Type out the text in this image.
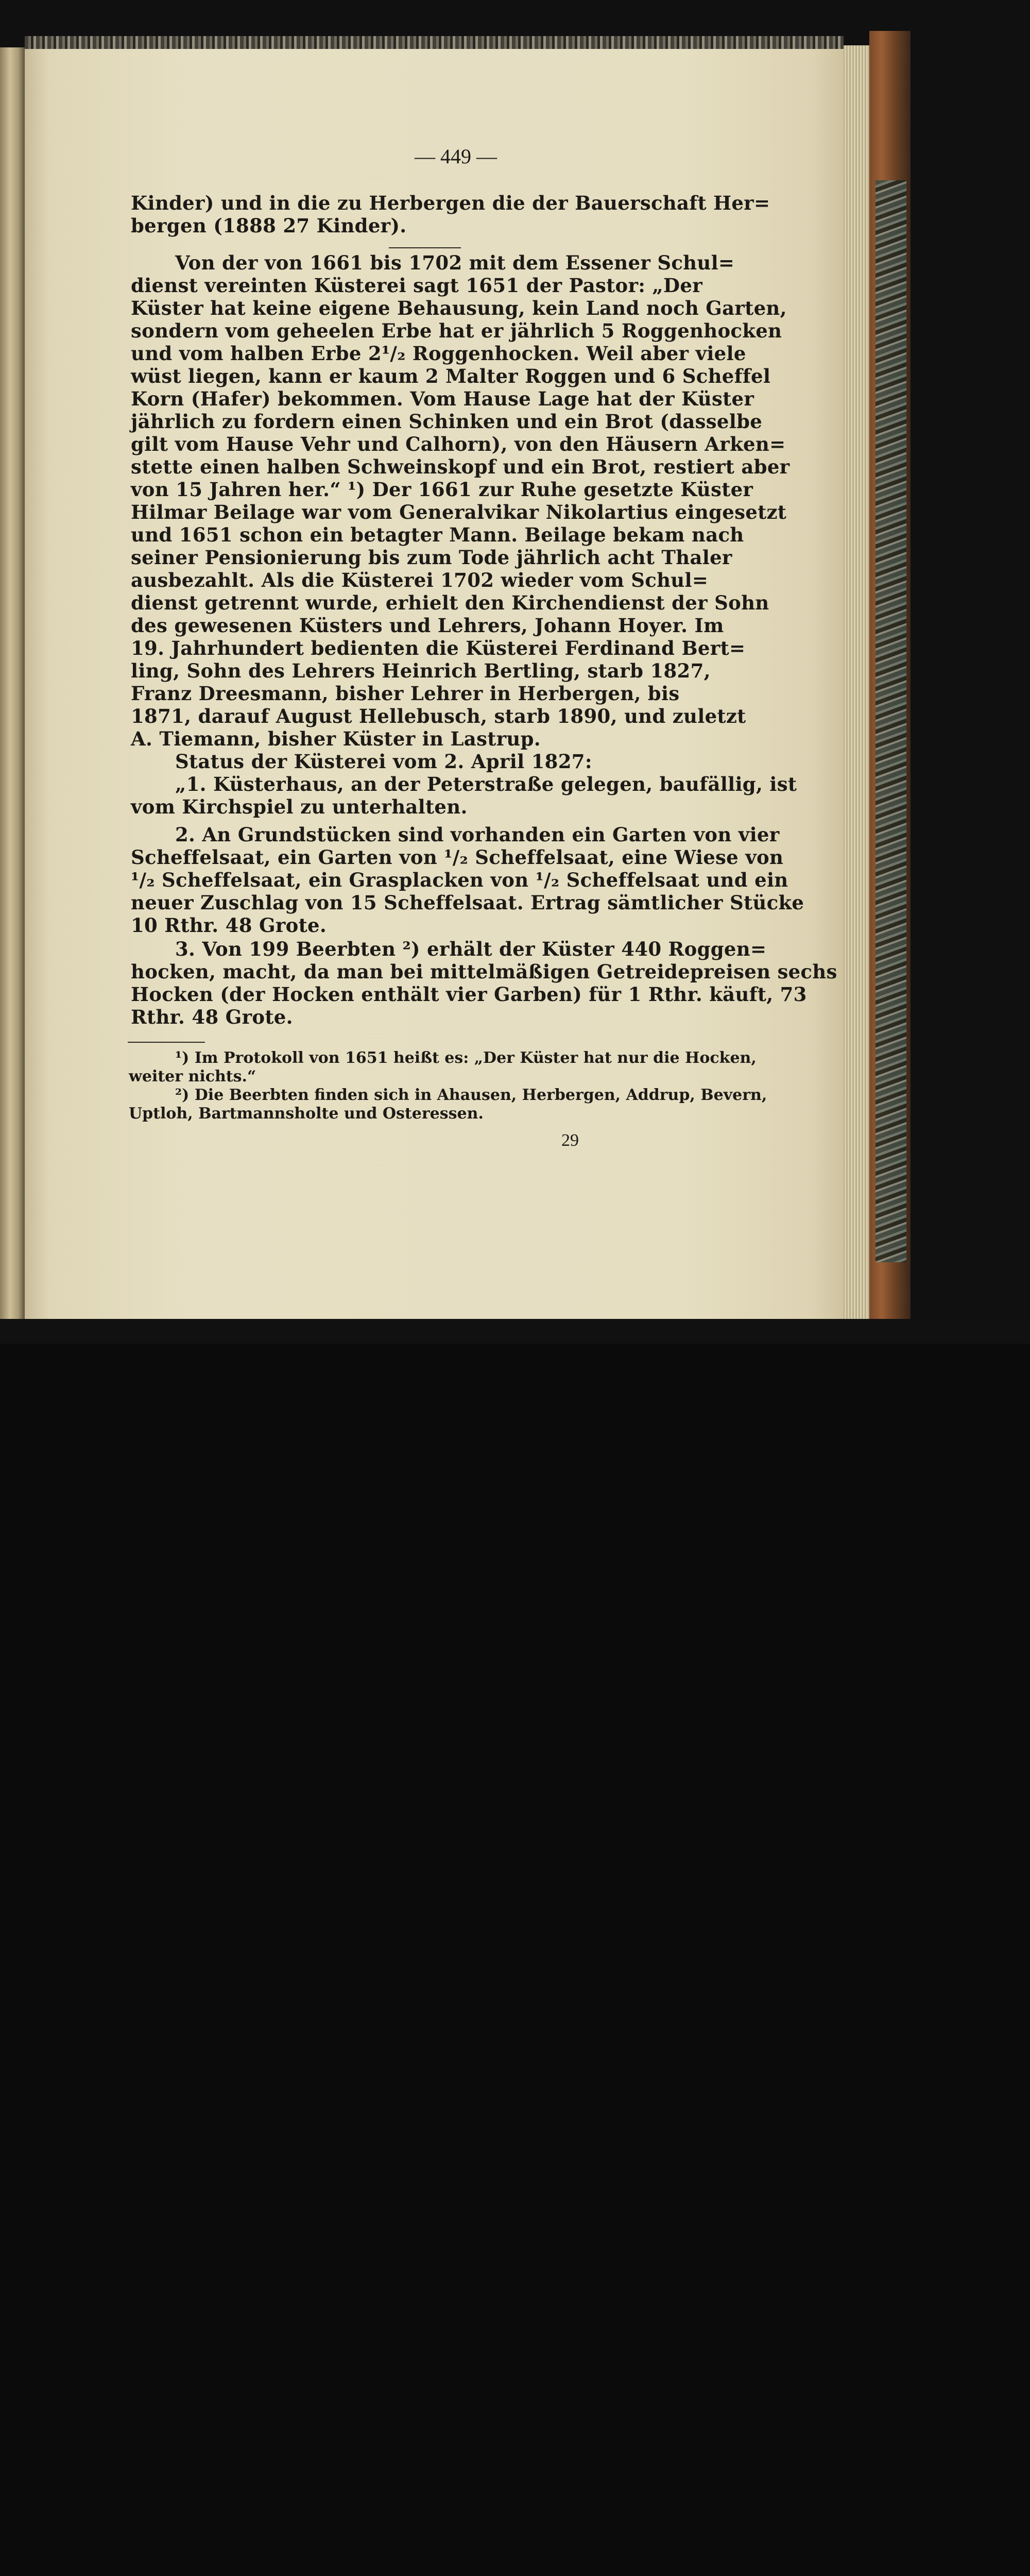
— 449 —
Kinder) und in die zu Herbergen die der Bauerschaft Her=
bergen (1888 27 Kinder).
Von der von 1661 bis 1702 mit dem Essener Schul=
dienst vereinten Küsterei sagt 1651 der Pastor: „Der
Küster hat keine eigene Behausung, kein Land noch Garten,
sondern vom geheelen Erbe hat er jährlich 5 Roggenhocken
und vom halben Erbe 2¹/₂ Roggenhocken. Weil aber viele
wüst liegen, kann er kaum 2 Malter Roggen und 6 Scheffel
Korn (Hafer) bekommen. Vom Hause Lage hat der Küster
jährlich zu fordern einen Schinken und ein Brot (dasselbe
gilt vom Hause Vehr und Calhorn), von den Häusern Arken=
stette einen halben Schweinskopf und ein Brot, restiert aber
von 15 Jahren her.“ ¹) Der 1661 zur Ruhe gesetzte Küster
Hilmar Beilage war vom Generalvikar Nikolartius eingesetzt
und 1651 schon ein betagter Mann. Beilage bekam nach
seiner Pensionierung bis zum Tode jährlich acht Thaler
ausbezahlt. Als die Küsterei 1702 wieder vom Schul=
dienst getrennt wurde, erhielt den Kirchendienst der Sohn
des gewesenen Küsters und Lehrers, Johann Hoyer. Im
19. Jahrhundert bedienten die Küsterei Ferdinand Bert=
ling, Sohn des Lehrers Heinrich Bertling, starb 1827,
Franz Dreesmann, bisher Lehrer in Herbergen, bis
1871, darauf August Hellebusch, starb 1890, und zuletzt
A. Tiemann, bisher Küster in Lastrup.
Status der Küsterei vom 2. April 1827:
„1. Küsterhaus, an der Peterstraße gelegen, baufällig, ist
vom Kirchspiel zu unterhalten.
2. An Grundstücken sind vorhanden ein Garten von vier
Scheffelsaat, ein Garten von ¹/₂ Scheffelsaat, eine Wiese von
¹/₂ Scheffelsaat, ein Grasplacken von ¹/₂ Scheffelsaat und ein
neuer Zuschlag von 15 Scheffelsaat. Ertrag sämtlicher Stücke
10 Rthr. 48 Grote.
3. Von 199 Beerbten ²) erhält der Küster 440 Roggen=
hocken, macht, da man bei mittelmäßigen Getreidepreisen sechs
Hocken (der Hocken enthält vier Garben) für 1 Rthr. käuft, 73
Rthr. 48 Grote.
¹) Im Protokoll von 1651 heißt es: „Der Küster hat nur die Hocken,
weiter nichts.“
²) Die Beerbten finden sich in Ahausen, Herbergen, Addrup, Bevern,
Uptloh, Bartmannsholte und Osteressen.
29
